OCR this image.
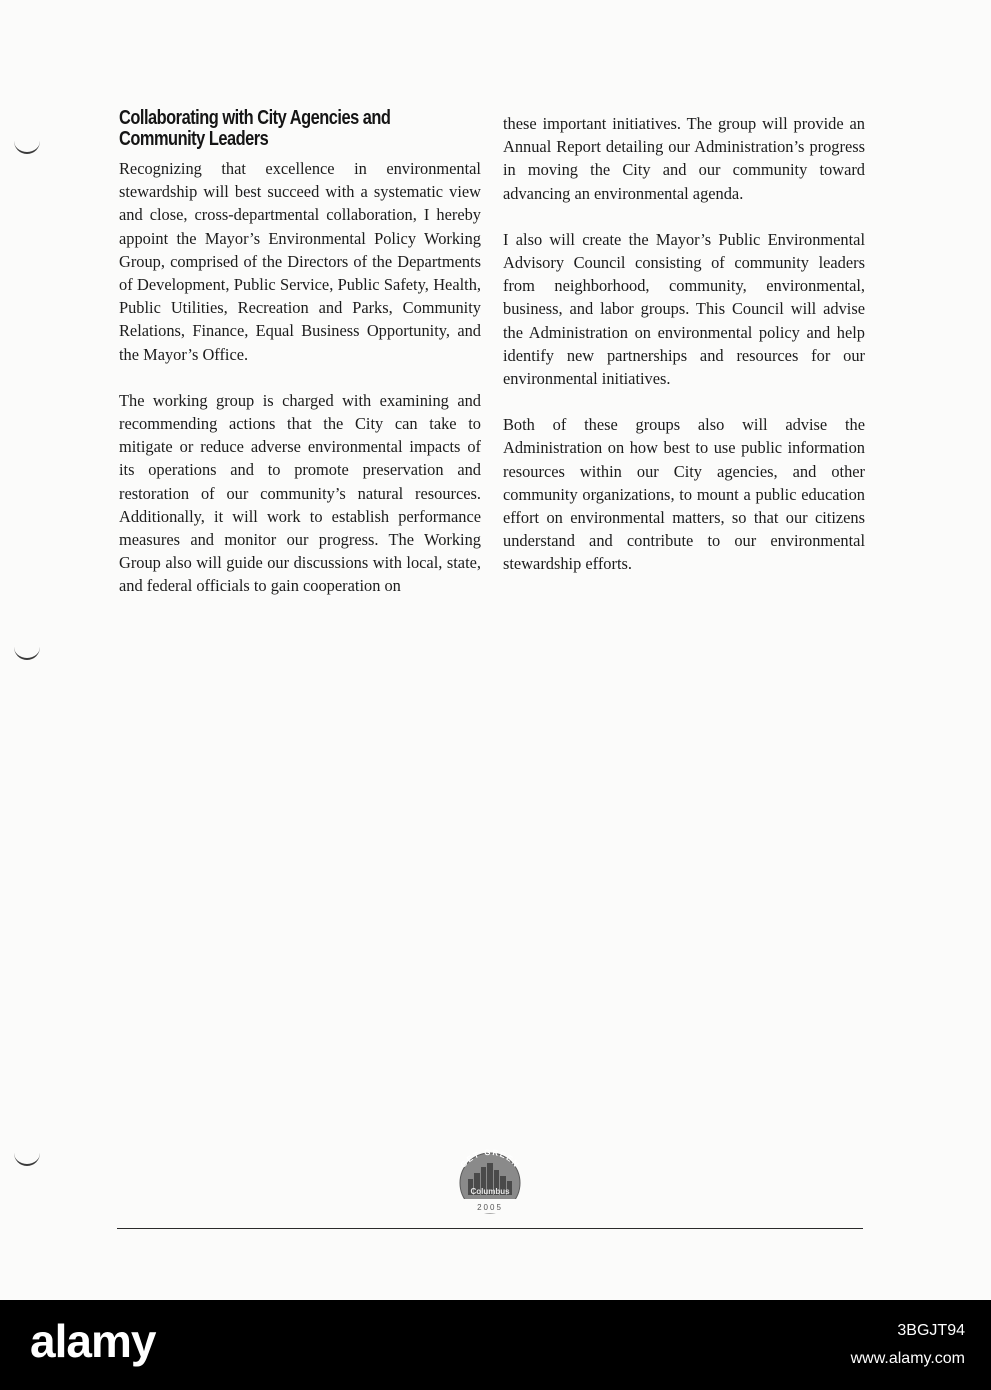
Collaborating with City Agencies and Community Leaders

Recognizing that excellence in environmental stewardship will best succeed with a systematic view and close, cross-departmental collaboration, I hereby appoint the Mayor’s Environmental Policy Working Group, comprised of the Directors of the Departments of Development, Public Service, Public Safety, Health, Public Utilities, Recreation and Parks, Community Relations, Finance, Equal Business Opportunity, and the Mayor’s Office.

The working group is charged with examining and recommending actions that the City can take to mitigate or reduce adverse environmental impacts of its operations and to promote preservation and restoration of our community’s natural resources. Additionally, it will work to establish performance measures and monitor our progress. The Working Group also will guide our discussions with local, state, and federal officials to gain cooperation on

these important initiatives. The group will provide an Annual Report detailing our Administration’s progress in moving the City and our community toward advancing an environmental agenda.

I also will create the Mayor’s Public Environmental Advisory Council consisting of community leaders from neighborhood, community, environmental, business, and labor groups. This Council will advise the Administration on environmental policy and help identify new partnerships and resources for our environmental initiatives.

Both of these groups also will advise the Administration on how best to use public information resources within our City agencies, and other community organizations, to mount a public education effort on environmental matters, so that our citizens understand and contribute to our environmental stewardship efforts.

GET GREEN
Columbus
2005
alamy	3BGJT94
www.alamy.com
